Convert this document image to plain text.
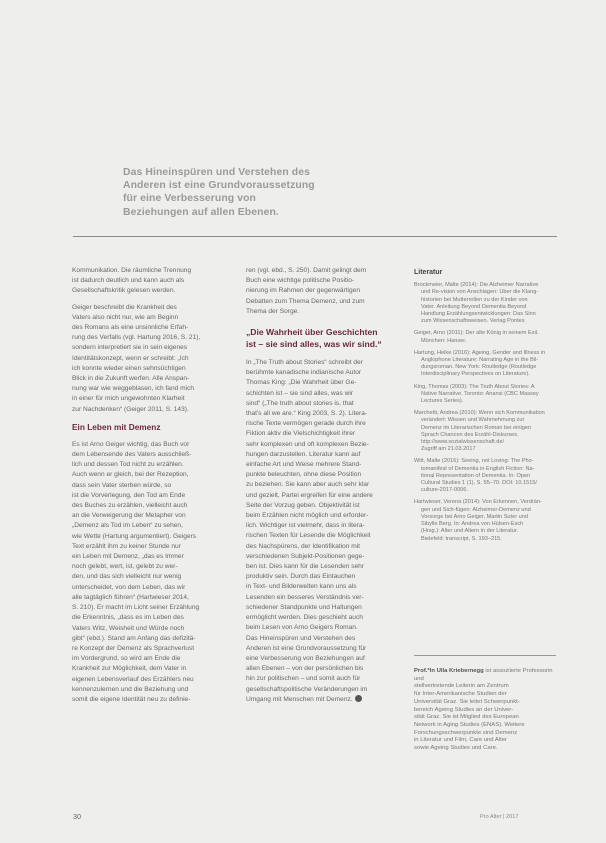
Das Hineinspüren und Verstehen des
Anderen ist eine Grundvoraussetzung
für eine Verbesserung von
Beziehungen auf allen Ebenen.
Kommunikation. Die räumliche Trennung
ist dadurch deutlich und kann auch als
Gesellschaftskritik gelesen werden.
Geiger beschreibt die Krankheit des
Vaters also nicht nur, wie am Beginn
des Romans als eine unsinnliche Erfah-
rung des Verfalls (vgl. Hartung 2016, S. 21),
sondern interpretiert sie in sein eigenes
Identitätskonzept, wenn er schreibt: „Ich
ich konnte wieder einen sehnsüchtigen
Blick in die Zukunft werfen. Alle Anspan-
nung war wie weggeblasen, ich fand mich
in einer für mich ungewohnten Klarheit
zur Nachdenken“ (Geiger 2011, S. 143).
Ein Leben mit Demenz
Es ist Arno Geiger wichtig, das Buch vor
dem Lebensende des Vaters ausschließ-
lich und dessen Tod nicht zu erzählen.
Auch wenn er gleich, bei der Rezeption,
dass sein Vater sterben würde, so
ist die Vorverlegung, den Tod am Ende
des Buches zu erzählen, vielleicht auch
an die Verweigerung der Metapher von
„Demenz als Tod im Leben“ zu sehen,
wie Wette (Hartung argumentiert). Geigers
Text erzählt ihm zu keiner Stunde nur
ein Leben mit Demenz, „das es Immer
noch gelebt, wert, ist, gelebt zu wer-
den, und das sich vielleicht nur wenig
unterscheidet, von dem Leben, das wir
alle tagtäglich führen“ (Hartwieser 2014,
S. 210). Er macht im Licht seiner Erzählung
die Erkenntnis, „dass es im Leben des
Vaters Witz, Weisheit und Würde noch
gibt“ (ebd.). Stand am Anfang das defizitä-
re Konzept der Demenz als Sprachverlust
im Vordergrund, so wird am Ende die
Krankheit zur Möglichkeit, dem Vater in
eigenen Lebensverlauf des Erzählers neu
kennenzulernen und die Beziehung und
somit die eigene Identität neu zu definie-
ren (vgl. ebd., S. 250). Damit gelingt dem
Buch eine wichtige politische Positio-
nierung im Rahmen der gegenwärtigen
Debatten zum Thema Demenz, und zum
Thema der Sorge.
„Die Wahrheit über Geschichten
ist – sie sind alles, was wir sind.“
In „The Truth about Stories“ schreibt der
berühmte kanadische indianische Autor
Thomas King: „Die Wahrheit über Ge-
schichten ist – sie sind alles, was wir
sind“ („The truth about stories is, that
that's all we are.“ King 2003, S. 2). Litera-
rische Texte vermögen gerade durch ihre
Fiktion aktiv die Vielschichtigkeit ihrer
sehr komplexen und oft komplexen Bezie-
hungen darzustellen. Literatur kann auf
einfache Art und Weise mehrere Stand-
punkte beleuchten, ohne diese Position
zu beziehen. Sie kann aber auch sehr klar
und gezielt, Partei ergreifen für eine andere
Seite der Vorzug geben. Objektivität ist
beim Erzählen nicht möglich und erforder-
lich. Wichtiger ist vielmehr, dass in litera-
rischen Texten für Lesende die Möglichkeit
des Nachspürens, der Identifikation mit
verschiedenen Subjekt-Positionen gege-
ben ist. Dies kann für die Lesenden sehr
produktiv sein. Durch das Eintauchen
in Text- und Bilderwelten kann uns als
Lesenden ein besseres Verständnis ver-
schiedener Standpunkte und Haltungen
ermöglicht werden. Dies geschieht auch
beim Lesen von Arno Geigers Roman.
Das Hineinspüren und Verstehen des
Anderen ist eine Grundvoraussetzung für
eine Verbesserung von Beziehungen auf
allen Ebenen – von der persönlichen bis
hin zur politischen – und somit auch für
gesellschaftspolitische Veränderungen im
Umgang mit Menschen mit Demenz.
Literatur
Brockmeier, Malte (2014): Die Alzheimer Narrative
und Re-vision von Anschlagen: Über die Klang-
historien bei Mutterrollen zu der Kinder von
Vater. Anleitung Beyond Dementia Beyond
Handlung Erzählungsentwicklungen: Das Sinn
zum Wissenschaftsweisen. Verlag Pontes
Geiger, Arno (2011): Der alte König in seinem Exil.
München: Hanser.
Hartung, Heike (2016): Ageing, Gender and Illness in
Anglophone Literature: Narrating Age in the Bil-
dungsroman. New York: Routledge (Routledge
Interdisciplinary Perspectives on Literature).
King, Thomas (2003): The Truth About Stories: A
Native Narrative. Toronto: Anansi (CBC Massey
Lectures Series).
Marchetti, Andrea (2010): Wenn sich Kommunikation
verändert: Wissen und Wahrnehmung zur
Demenz im Literarischen Roman bei einigen
Sprach Chancen des Erzähl-Diskurses.
http://www.sozialwissenschaft.de/
Zugriff am 21.03.2017
Witt, Malte (2016): Seeing, not Loving: The Pho-
tomanifest of Dementia in English Fiction: Na-
tional Representation of Dementia. In: Open
Cultural Studies 1 (1), S. 55–70. DOI: 10.1515/
culture-2017-0006.
Hartwieser, Verena (2014): Von Erkennen, Verdrän-
gen und Sich-fügen: Alzheimer-Demenz und
Vorsorge bei Arno Geiger, Martin Suter und
Sibylle Berg. In: Andrea von Hülsen-Esch
(Hrsg.): Alter und Altern in der Literatur.
Bielefeld: transcript, S. 193–215.
Prof.*In Ulla Kriebernegg ist assoziierte Professorin und
stellvertretende Leiterin am Zentrum
für Inter-Amerikanische Studien der
Universität Graz. Sie leitet Schwerpunkt-
bereich Ageing Studies an der Univer-
sität Graz. Sie ist Mitglied des European
Network in Aging Studies (ENAS). Weitere
Forschungsschwerpunkte sind Demenz
in Literatur und Film, Care und Alter
sowie Ageing Studies und Care.
30	Pro Alter | 2017
